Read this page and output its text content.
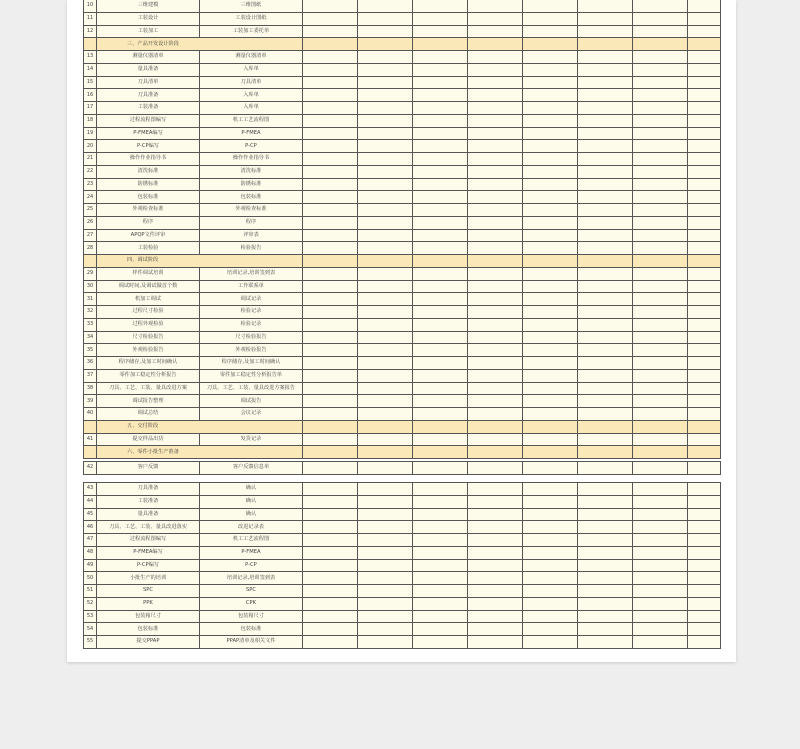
10	三维建模	三维图纸								
11	工装设计	工装设计图纸								
12	工装加工	工装加工委托单								
	三、产品开发设计阶段									
13	测量仪器清单	测量仪器清单								
14	量具准备	入库单								
15	刀具清单	刀具清单								
16	刀具准备	入库单								
17	工装准备	入库单								
18	过程流程图编写	机工工艺流程图								
19	P-FMEA编写	P-FMEA								
20	P-CP编写	P-CP								
21	操作作业指导书	操作作业指导书								
22	清洗标准	清洗标准								
23	防锈标准	防锈标准								
24	包装标准	包装标准								
25	外观检查标准	外观检查标准								
26	程序	程序								
27	APQP文件评审	评审表								
28	工装检验	检验报告								
	四、调试阶段									
29	样件调试培训	培训记录,培训签到表								
30	调试时间,及调试做首个数	工作联系单								
31	机加工调试	调试记录								
32	过程尺寸检验	检验记录								
33	过程外观检验	检验记录								
34	尺寸检验报告	尺寸检验报告								
35	外观检验报告	外观检验报告								
36	程序储存,及加工时间确认	程序储存,及加工时间确认								
37	零件加工稳定性分析报告	零件加工稳定性分析报告单								
38	刀具、工艺、工装、量具改进方案	刀具、工艺、工装、量具改进方案报告								
39	调试报告整理	调试报告								
40	调试总结	会议记录								
	五、交付阶段									
41	提交样品出货	发货记录								
	六、零件小批生产准备									
42	客户反馈	客户反馈信息单								
43	刀具准备	确认								
44	工装准备	确认								
45	量具准备	确认								
46	刀具、工艺、工装、量具改进落实	改进记录表								
47	过程流程图编写	机工工艺流程图								
48	P-FMEA编写	P-FMEA								
49	P-CP编写	P-CP								
50	小批生产的培训	培训记录,培训签到表								
51	SPC	SPC								
52	PPK	CPK								
53	包装箱尺寸	包装箱尺寸								
54	包装标准	包装标准								
55	提交PPAP	PPAP清单及相关文件								
